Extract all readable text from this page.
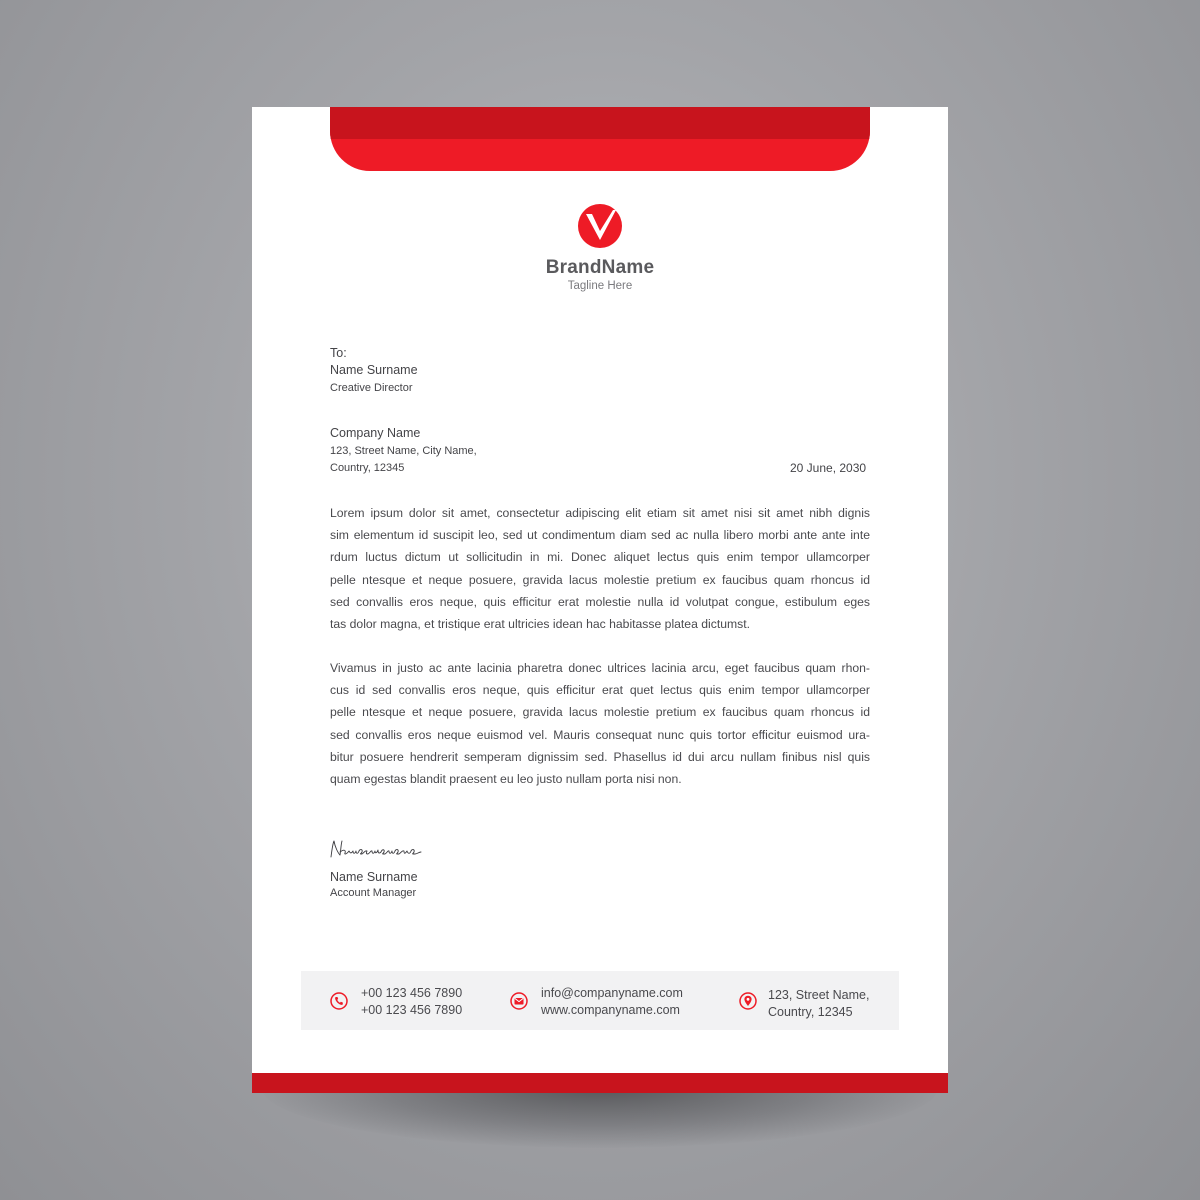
BrandName
Tagline Here
To:
Name Surname
Creative Director
Company Name
123, Street Name, City Name,
Country, 12345	20 June, 2030
Lorem ipsum dolor sit amet, consectetur adipiscing elit etiam sit amet nisi sit amet nibh dignis
sim elementum id suscipit leo, sed ut condimentum diam sed ac nulla libero morbi ante ante inte
rdum luctus dictum ut sollicitudin in mi. Donec aliquet lectus quis enim tempor ullamcorper
pelle ntesque et neque posuere, gravida lacus molestie pretium ex faucibus quam rhoncus id
sed convallis eros neque, quis efficitur erat molestie nulla id volutpat congue, estibulum eges
tas dolor magna, et tristique erat ultricies idean hac habitasse platea dictumst.
Vivamus in justo ac ante lacinia pharetra donec ultrices lacinia arcu, eget faucibus quam rhon-
cus id sed convallis eros neque, quis efficitur erat quet lectus quis enim tempor ullamcorper
pelle ntesque et neque posuere, gravida lacus molestie pretium ex faucibus quam rhoncus id
sed convallis eros neque euismod vel. Mauris consequat nunc quis tortor efficitur euismod ura-
bitur posuere hendrerit semperam dignissim sed. Phasellus id dui arcu nullam finibus nisl quis
quam egestas blandit praesent eu leo justo nullam porta nisi non.
Name Surname
Account Manager
+00 123 456 7890
+00 123 456 7890
info@companyname.com
www.companyname.com
123, Street Name,
Country, 12345
